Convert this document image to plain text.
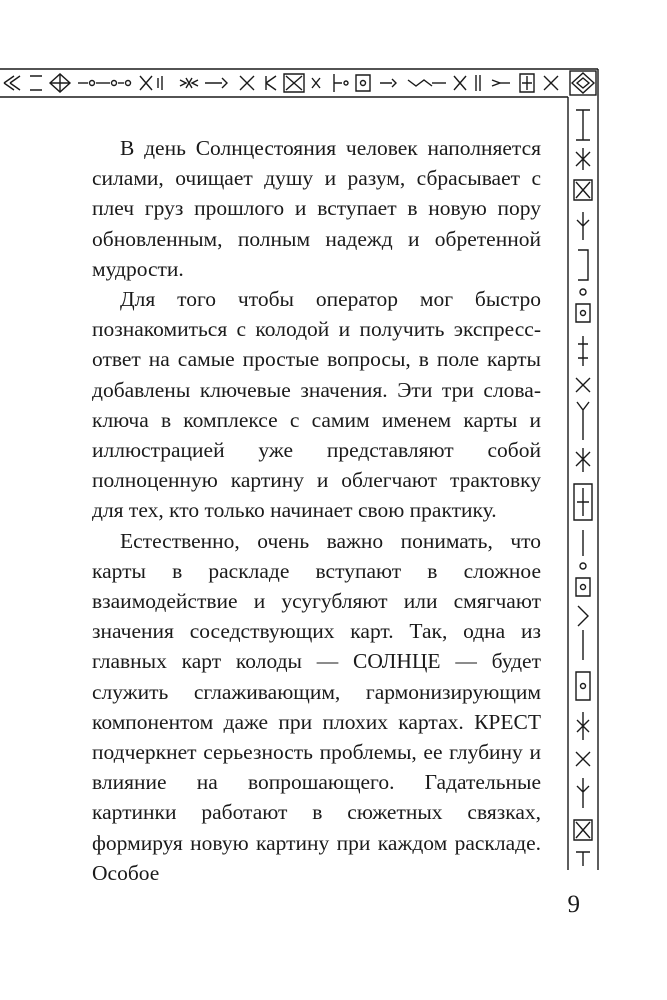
В день Солнцестояния человек наполняется силами, очищает душу и разум, сбрасывает с плеч груз прошлого и вступает в новую пору обновленным, полным надежд и обретенной мудрости.

Для того чтобы оператор мог быстро познакомиться с колодой и получить экспресс-ответ на самые простые вопросы, в поле карты добавлены ключевые значения. Эти три слова-ключа в комплексе с самим именем карты и иллюстрацией уже представляют собой полноценную картину и облегчают трактовку для тех, кто только начинает свою практику.

Естественно, очень важно понимать, что карты в раскладе вступают в сложное взаимодействие и усугубляют или смягчают значения соседствующих карт. Так, одна из главных карт колоды — СОЛНЦЕ — будет служить сглаживающим, гармонизирующим компонентом даже при плохих картах. КРЕСТ подчеркнет серьезность проблемы, ее глубину и влияние на вопрошающего. Гадательные картинки работают в сюжетных связках, формируя новую картину при каждом раскладе. Особое

9
